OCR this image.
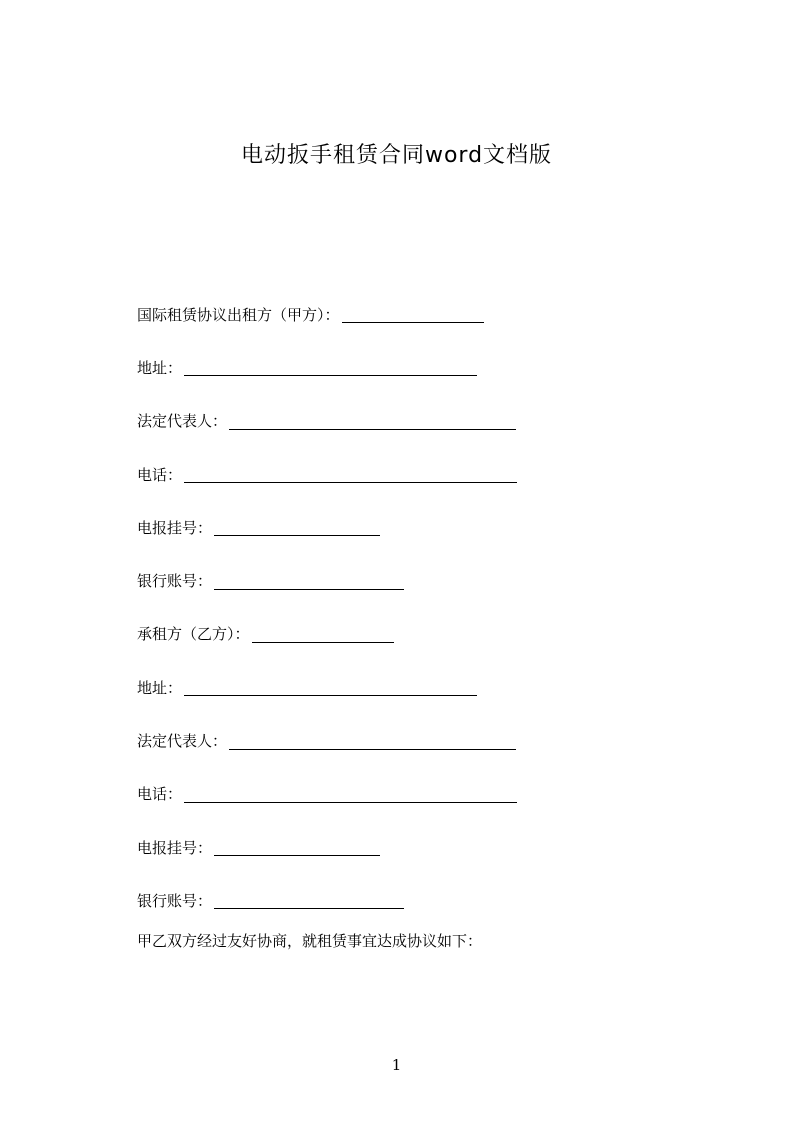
电动扳手租赁合同word文档版
国际租赁协议出租方（甲方）：
地址：
法定代表人：
电话：
电报挂号：
银行账号：
承租方（乙方）：
地址：
法定代表人：
电话：
电报挂号：
银行账号：
甲乙双方经过友好协商，就租赁事宜达成协议如下：
1
